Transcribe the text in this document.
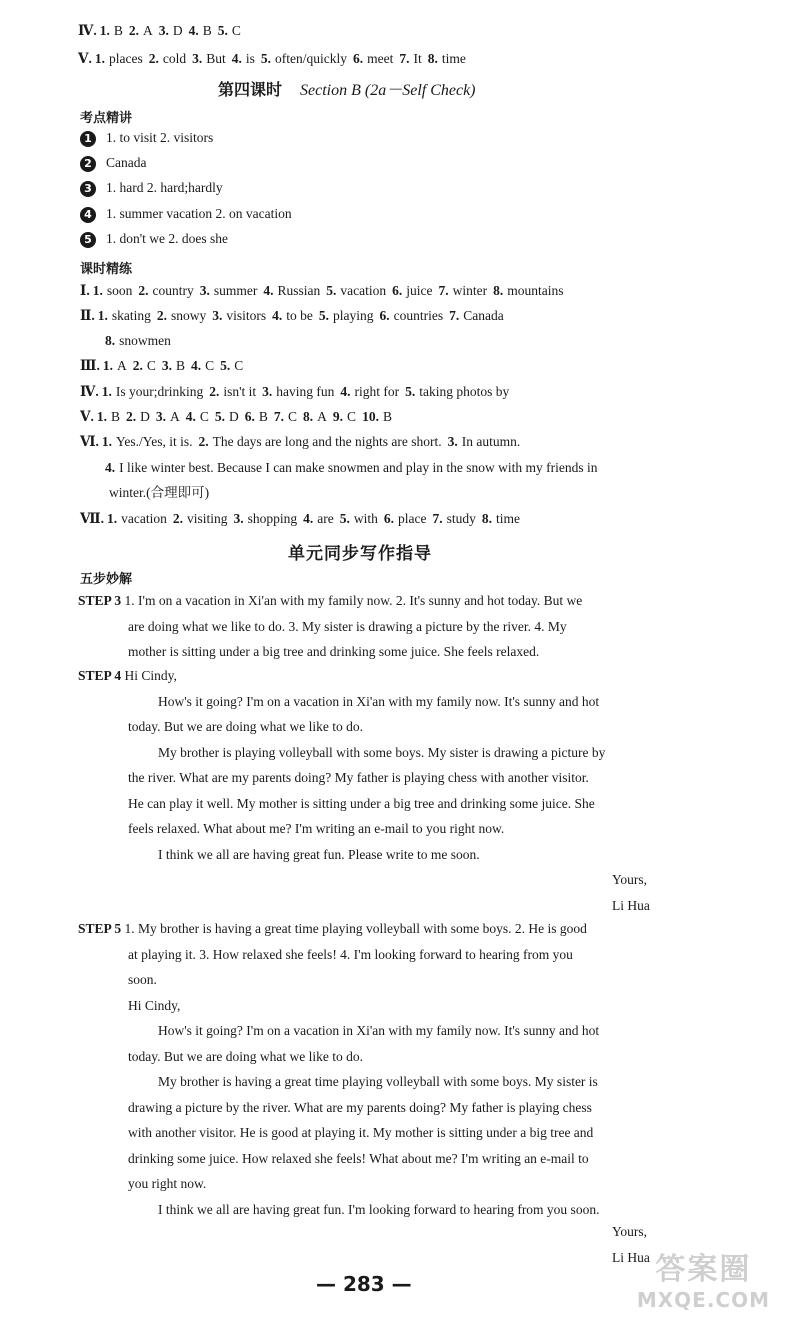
Ⅳ. 1. B 2. A 3. D 4. B 5. C
Ⅴ. 1. places 2. cold 3. But 4. is 5. often/quickly 6. meet 7. It 8. time
第四课时 Section B (2a－Self Check)
考点精讲
1 1. to visit 2. visitors
2 Canada
3 1. hard 2. hard;hardly
4 1. summer vacation 2. on vacation
5 1. don't we 2. does she
课时精练
Ⅰ. 1. soon 2. country 3. summer 4. Russian 5. vacation 6. juice 7. winter 8. mountains
Ⅱ. 1. skating 2. snowy 3. visitors 4. to be 5. playing 6. countries 7. Canada
8. snowmen
Ⅲ. 1. A 2. C 3. B 4. C 5. C
Ⅳ. 1. Is your;drinking 2. isn't it 3. having fun 4. right for 5. taking photos by
Ⅴ. 1. B 2. D 3. A 4. C 5. D 6. B 7. C 8. A 9. C 10. B
Ⅵ. 1. Yes./Yes, it is. 2. The days are long and the nights are short. 3. In autumn.
4. I like winter best. Because I can make snowmen and play in the snow with my friends in
winter.(合理即可)
Ⅶ. 1. vacation 2. visiting 3. shopping 4. are 5. with 6. place 7. study 8. time
单元同步写作指导
五步妙解
STEP 3 1. I'm on a vacation in Xi'an with my family now. 2. It's sunny and hot today. But we
are doing what we like to do. 3. My sister is drawing a picture by the river. 4. My
mother is sitting under a big tree and drinking some juice. She feels relaxed.
STEP 4 Hi Cindy,
How's it going? I'm on a vacation in Xi'an with my family now. It's sunny and hot
today. But we are doing what we like to do.
My brother is playing volleyball with some boys. My sister is drawing a picture by
the river. What are my parents doing? My father is playing chess with another visitor.
He can play it well. My mother is sitting under a big tree and drinking some juice. She
feels relaxed. What about me? I'm writing an e-mail to you right now.
I think we all are having great fun. Please write to me soon.
Yours,
Li Hua
STEP 5 1. My brother is having a great time playing volleyball with some boys. 2. He is good
at playing it. 3. How relaxed she feels! 4. I'm looking forward to hearing from you
soon.
Hi Cindy,
How's it going? I'm on a vacation in Xi'an with my family now. It's sunny and hot
today. But we are doing what we like to do.
My brother is having a great time playing volleyball with some boys. My sister is
drawing a picture by the river. What are my parents doing? My father is playing chess
with another visitor. He is good at playing it. My mother is sitting under a big tree and
drinking some juice. How relaxed she feels! What about me? I'm writing an e-mail to
you right now.
I think we all are having great fun. I'm looking forward to hearing from you soon.
Yours,
Li Hua
— 283 —	答案圈
MXQE.COM
